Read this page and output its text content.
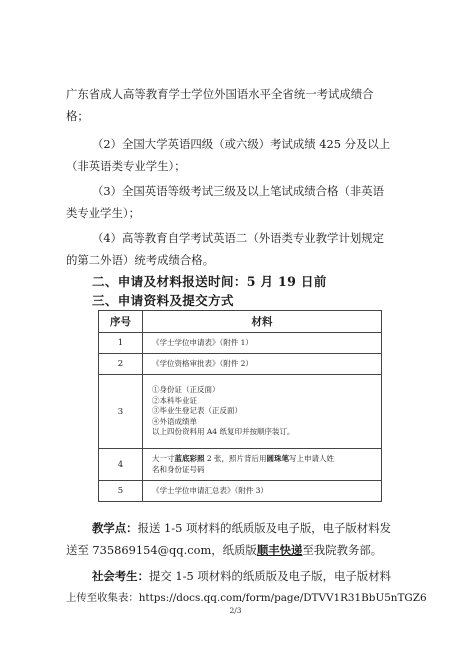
广东省成人高等教育学士学位外国语水平全省统一考试成绩合

格；

（2）全国大学英语四级（或六级）考试成绩 425 分及以上

（非英语类专业学生）；

（3）全国英语等级考试三级及以上笔试成绩合格（非英语

类专业学生）；

（4）高等教育自学考试英语二（外语类专业教学计划规定

的第二外语）统考成绩合格。

二、申请及材料报送时间：5 月 19 日前

三、申请资料及提交方式

序号	材料
1	《学士学位申请表》（附件 1）
2	《学位资格审批表》（附件 2）
3	①身份证（正反面）
②本科毕业证
③毕业生登记表（正反面）
④外语成绩单
以上四份资料用 A4 纸复印并按顺序装订。

4	大一寸蓝底彩照 2 张，照片背后用圆珠笔写上申请人姓
名和身份证号码

5	《学士学位申请汇总表》（附件 3）

教学点：报送 1-5 项材料的纸质版及电子版，电子版材料发

送至 735869154@qq.com，纸质版顺丰快递至我院教务部。

社会考生：提交 1-5 项材料的纸质版及电子版，电子版材料

上传至收集表：https://docs.qq.com/form/page/DTVV1R31BbU5nTGZ6

2/3
